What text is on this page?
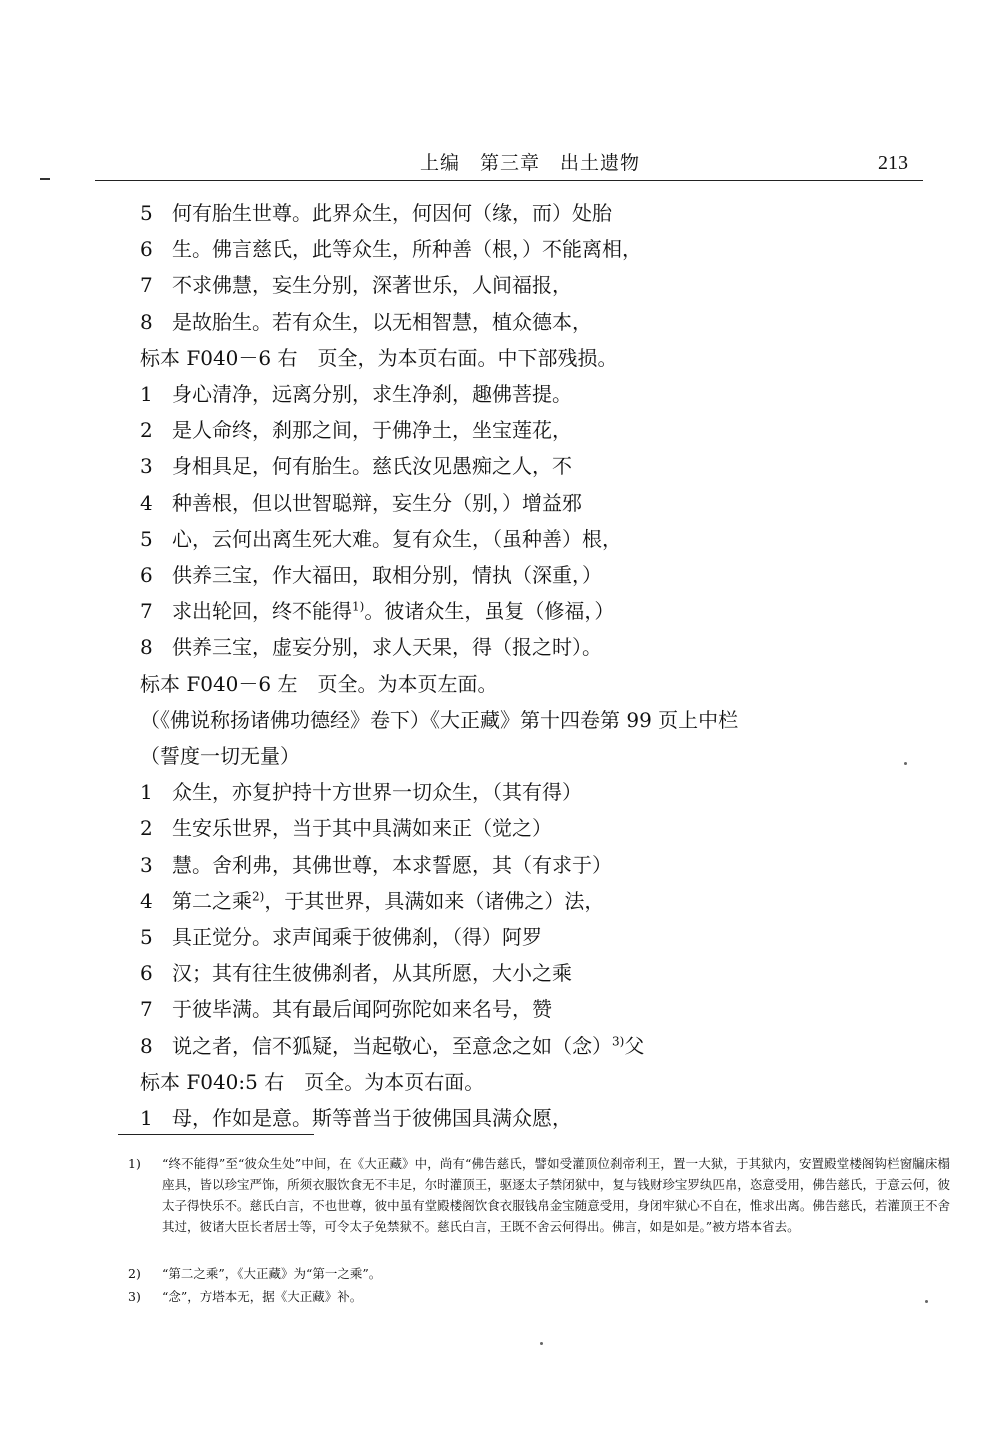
上编　第三章　出土遗物	213
5 何有胎生世尊。此界众生，何因何（缘，而）处胎
6 生。佛言慈氏，此等众生，所种善（根，）不能离相，
7 不求佛慧，妄生分别，深著世乐，人间福报，
8 是故胎生。若有众生，以无相智慧，植众德本，
标本 F040－6 右　页全，为本页右面。中下部残损。
1 身心清净，远离分别，求生净刹，趣佛菩提。
2 是人命终，刹那之间，于佛净土，坐宝莲花，
3 身相具足，何有胎生。慈氏汝见愚痴之人，不
4 种善根，但以世智聪辩，妄生分（别，）增益邪
5 心，云何出离生死大难。复有众生，（虽种善）根，
6 供养三宝，作大福田，取相分别，情执（深重，）
7 求出轮回，终不能得$^{1)}$。彼诸众生，虽复（修福，）
8 供养三宝，虚妄分别，求人天果，得（报之时）。
标本 F040－6 左　页全。为本页左面。
（《佛说称扬诸佛功德经》卷下）《大正藏》第十四卷第 99 页上中栏
（誓度一切无量）
1 众生，亦复护持十方世界一切众生，（其有得）
2 生安乐世界，当于其中具满如来正（觉之）
3 慧。舍利弗，其佛世尊，本求誓愿，其（有求于）
4 第二之乘$^{2)}$，于其世界，具满如来（诸佛之）法，
5 具正觉分。求声闻乘于彼佛刹，（得）阿罗
6 汉；其有往生彼佛刹者，从其所愿，大小之乘
7 于彼毕满。其有最后闻阿弥陀如来名号，赞
8 说之者，信不狐疑，当起敬心，至意念之如（念）$^{3)}$父
标本 F040:5 右　页全。为本页右面。
1 母，作如是意。斯等普当于彼佛国具满众愿，
1)	“终不能得”至“彼众生处”中间，在《大正藏》中，尚有“佛告慈氏，譬如受灌顶位刹帝利王，置一大狱，于其狱内，安置殿堂楼阁钩栏窗牖床榻座具，皆以珍宝严饰，所须衣服饮食无不丰足，尔时灌顶王，驱逐太子禁闭狱中，复与钱财珍宝罗纨匹帛，恣意受用，佛告慈氏，于意云何，彼太子得快乐不。慈氏白言，不也世尊，彼中虽有堂殿楼阁饮食衣服钱帛金宝随意受用，身闭牢狱心不自在，惟求出离。佛告慈氏，若灌顶王不舍其过，彼诸大臣长者居士等，可令太子免禁狱不。慈氏白言，王既不舍云何得出。佛言，如是如是。”被方塔本省去。
2)	“第二之乘”，《大正藏》为“第一之乘”。
3)	“念”，方塔本无，据《大正藏》补。
